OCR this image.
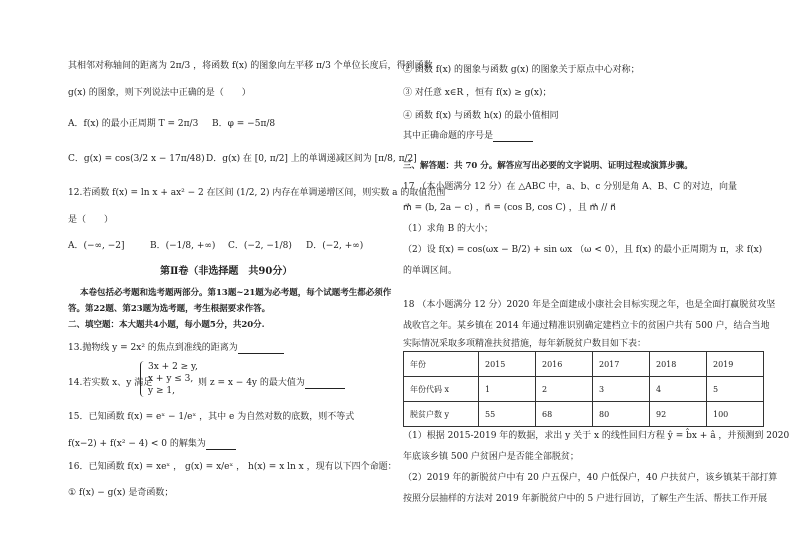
其相邻对称轴间的距离为 2π/3 ，将函数 f(x) 的图象向左平移 π/3 个单位长度后，得到函数
g(x) 的图象，则下列说法中正确的是（　　）
A．f(x) 的最小正周期 T = 2π/3 B．φ = −5π/8
C．g(x) = cos(3/2 x − 17π/48) D．g(x) 在 [0, π/2] 上的单调递减区间为 [π/8, π/2]
12.若函数 f(x) = ln x + ax² − 2 在区间 (1/2, 2) 内存在单调递增区间，则实数 a 的取值范围
是（　　）
A．(−∞, −2]	B．(−1/8, +∞) C．(−2, −1/8) D．(−2, +∞)
第Ⅱ卷（非选择题　共90分）
本卷包括必考题和选考题两部分。第13题~21题为必考题，每个试题考生都必须作
答。第22题、第23题为选考题，考生根据要求作答。
二、填空题：本大题共4小题，每小题5分，共20分.
13.抛物线 y = 2x² 的焦点到准线的距离为
14.若实数 x、y 满足
3x + 2 ≥ y,
x + y ≤ 3,
y ≥ 1,
则 z = x − 4y 的最大值为
15．已知函数 f(x) = eˣ − 1/eˣ ，其中 e 为自然对数的底数，则不等式
f(x−2) + f(x² − 4) < 0 的解集为
16．已知函数 f(x) = xeˣ ， g(x) = x/eˣ ， h(x) = x ln x ，现有以下四个命题：
① f(x) − g(x) 是奇函数；
② 函数 f(x) 的图象与函数 g(x) 的图象关于原点中心对称；
③ 对任意 x∈R ，恒有 f(x) ≥ g(x)；
④ 函数 f(x) 与函数 h(x) 的最小值相同
其中正确命题的序号是
三、解答题：共 70 分。解答应写出必要的文字说明、证明过程或演算步骤。
17 （本小题满分 12 分）在 △ABC 中，a、b、c 分别是角 A、B、C 的对边，向量
m⃗ = (b, 2a − c) ，n⃗ = (cos B, cos C) ，且 m⃗ // n⃗
（1）求角 B 的大小；
（2）设 f(x) = cos(ωx − B/2) + sin ωx （ω < 0），且 f(x) 的最小正周期为 π，求 f(x)
的单调区间。
18 （本小题满分 12 分）2020 年是全面建成小康社会目标实现之年，也是全面打赢脱贫攻坚
战收官之年。某乡镇在 2014 年通过精准识别确定建档立卡的贫困户共有 500 户，结合当地
实际情况采取多项精准扶贫措施，每年新脱贫户数目如下表：
年份	2015	2016	2017	2018	2019
年份代码 x	1	2	3	4	5
脱贫户数 y	55	68	80	92	100
（1）根据 2015-2019 年的数据，求出 y 关于 x 的线性回归方程 ŷ = b̂x + â ，并预测到 2020
年底该乡镇 500 户贫困户是否能全部脱贫；
（2）2019 年的新脱贫户中有 20 户五保户，40 户低保户，40 户扶贫户，该乡镇某干部打算
按照分层抽样的方法对 2019 年新脱贫户中的 5 户进行回访，了解生产生活、帮扶工作开展
